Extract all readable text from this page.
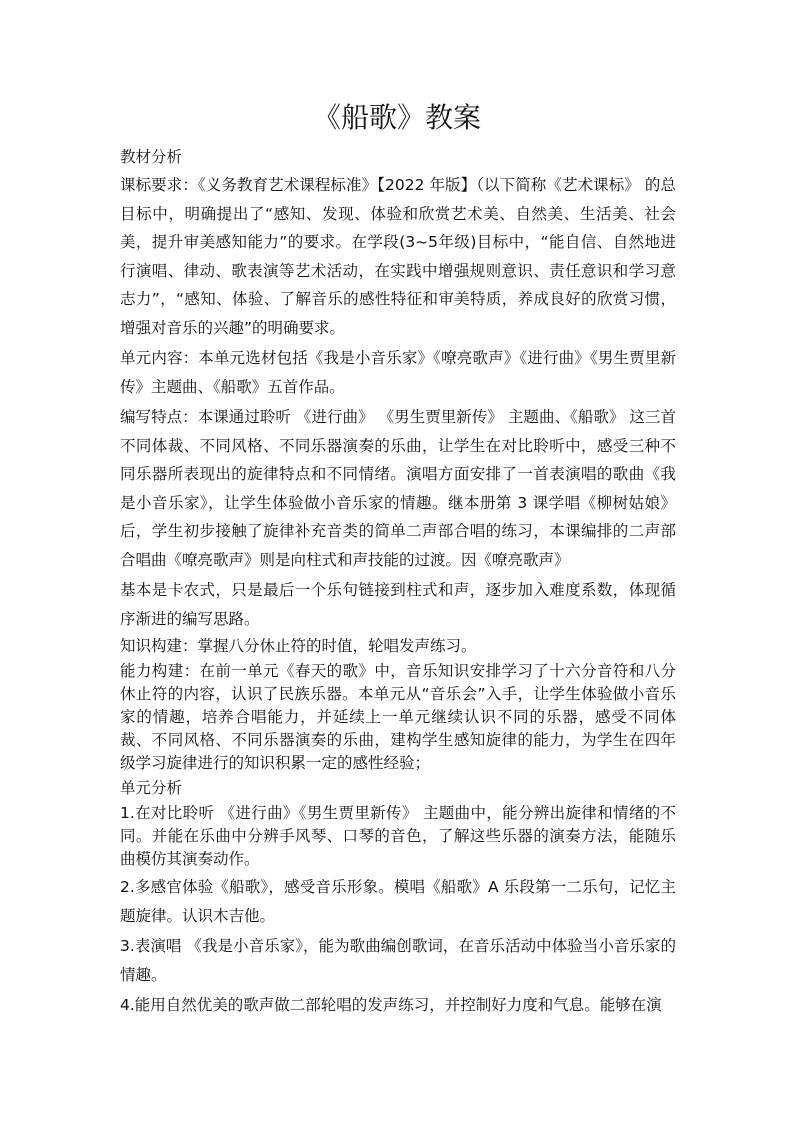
《船歌》教案

教材分析

课标要求：《义务教育艺术课程标准》【2022 年版】（以下简称《艺术课标》 的总目标中，明确提出了“感知、发现、体验和欣赏艺术美、自然美、生活美、社会美，提升审美感知能力”的要求。在学段(3~5年级)目标中，“能自信、自然地进行演唱、律动、歌表演等艺术活动，在实践中增强规则意识、责任意识和学习意志力”，“感知、体验、了解音乐的感性特征和审美特质，养成良好的欣赏习惯，增强对音乐的兴趣”的明确要求。

单元内容：本单元选材包括《我是小音乐家》《嘹亮歌声》《进行曲》《男生贾里新传》主题曲、《船歌》五首作品。

编写特点：本课通过聆听 《进行曲》 《男生贾里新传》 主题曲、《船歌》 这三首不同体裁、不同风格、不同乐器演奏的乐曲，让学生在对比聆听中，感受三种不同乐器所表现出的旋律特点和不同情绪。演唱方面安排了一首表演唱的歌曲《我是小音乐家》，让学生体验做小音乐家的情趣。继本册第 3 课学唱《柳树姑娘》后，学生初步接触了旋律补充音类的简单二声部合唱的练习，本课编排的二声部合唱曲《嘹亮歌声》则是向柱式和声技能的过渡。因《嘹亮歌声》

基本是卡农式，只是最后一个乐句链接到柱式和声，逐步加入难度系数，体现循序渐进的编写思路。

知识构建：掌握八分休止符的时值，轮唱发声练习。

能力构建：在前一单元《春天的歌》中，音乐知识安排学习了十六分音符和八分休止符的内容，认识了民族乐器。本单元从“音乐会”入手，让学生体验做小音乐家的情趣，培养合唱能力，并延续上一单元继续认识不同的乐器，感受不同体裁、不同风格、不同乐器演奏的乐曲，建构学生感知旋律的能力，为学生在四年级学习旋律进行的知识积累一定的感性经验；

单元分析

1.在对比聆听 《进行曲》《男生贾里新传》 主题曲中，能分辨出旋律和情绪的不同。并能在乐曲中分辨手风琴、口琴的音色，了解这些乐器的演奏方法，能随乐曲模仿其演奏动作。

2.多感官体验《船歌》，感受音乐形象。模唱《船歌》A 乐段第一二乐句，记忆主题旋律。认识木吉他。

3.表演唱 《我是小音乐家》，能为歌曲编创歌词，在音乐活动中体验当小音乐家的情趣。

4.能用自然优美的歌声做二部轮唱的发声练习，并控制好力度和气息。能够在演
